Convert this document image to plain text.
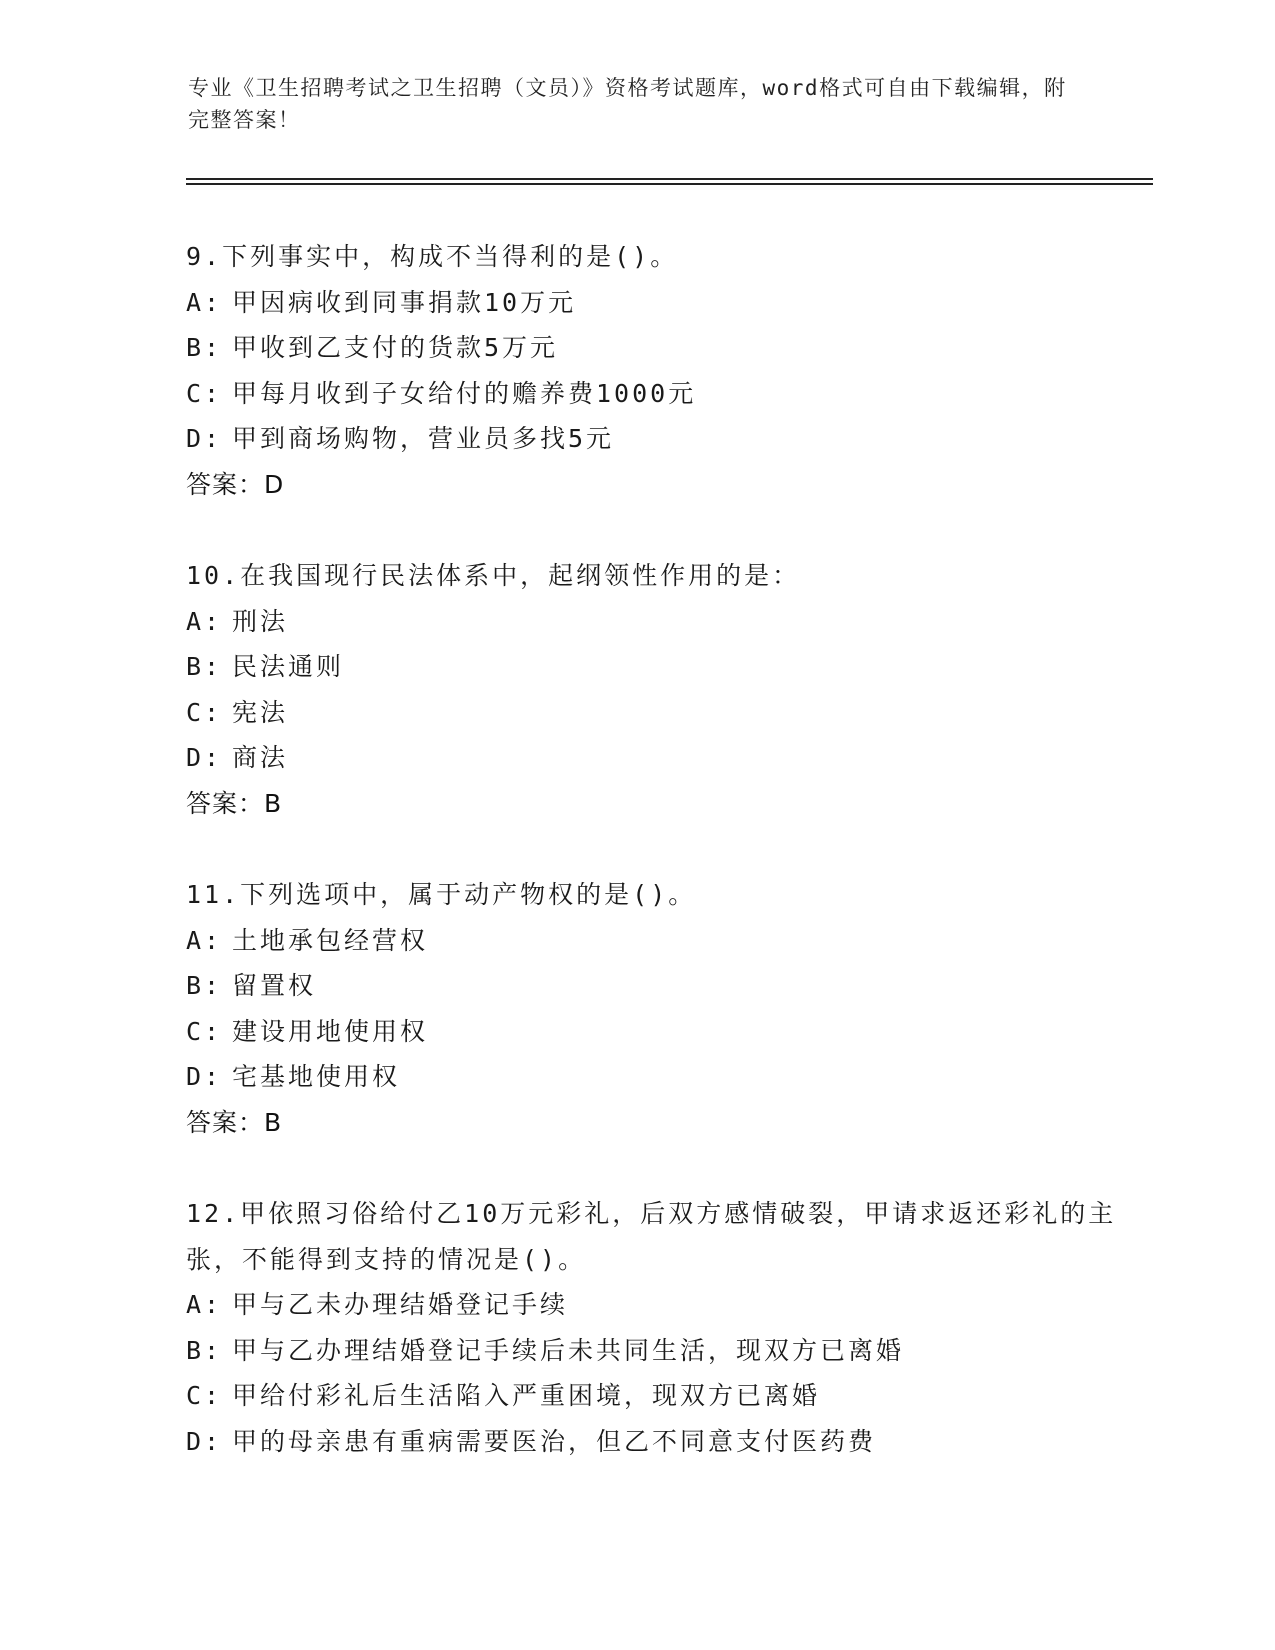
专业《卫生招聘考试之卫生招聘（文员）》资格考试题库，word格式可自由下载编辑，附完整答案！
9.下列事实中，构成不当得利的是()。
A: 甲因病收到同事捐款10万元
B: 甲收到乙支付的货款5万元
C: 甲每月收到子女给付的赡养费1000元
D: 甲到商场购物，营业员多找5元
答案：D
10.在我国现行民法体系中，起纲领性作用的是：
A: 刑法
B: 民法通则
C: 宪法
D: 商法
答案：B
11.下列选项中，属于动产物权的是()。
A: 土地承包经营权
B: 留置权
C: 建设用地使用权
D: 宅基地使用权
答案：B
12.甲依照习俗给付乙10万元彩礼，后双方感情破裂，甲请求返还彩礼的主张，不能得到支持的情况是()。
A: 甲与乙未办理结婚登记手续
B: 甲与乙办理结婚登记手续后未共同生活，现双方已离婚
C: 甲给付彩礼后生活陷入严重困境，现双方已离婚
D: 甲的母亲患有重病需要医治，但乙不同意支付医药费
